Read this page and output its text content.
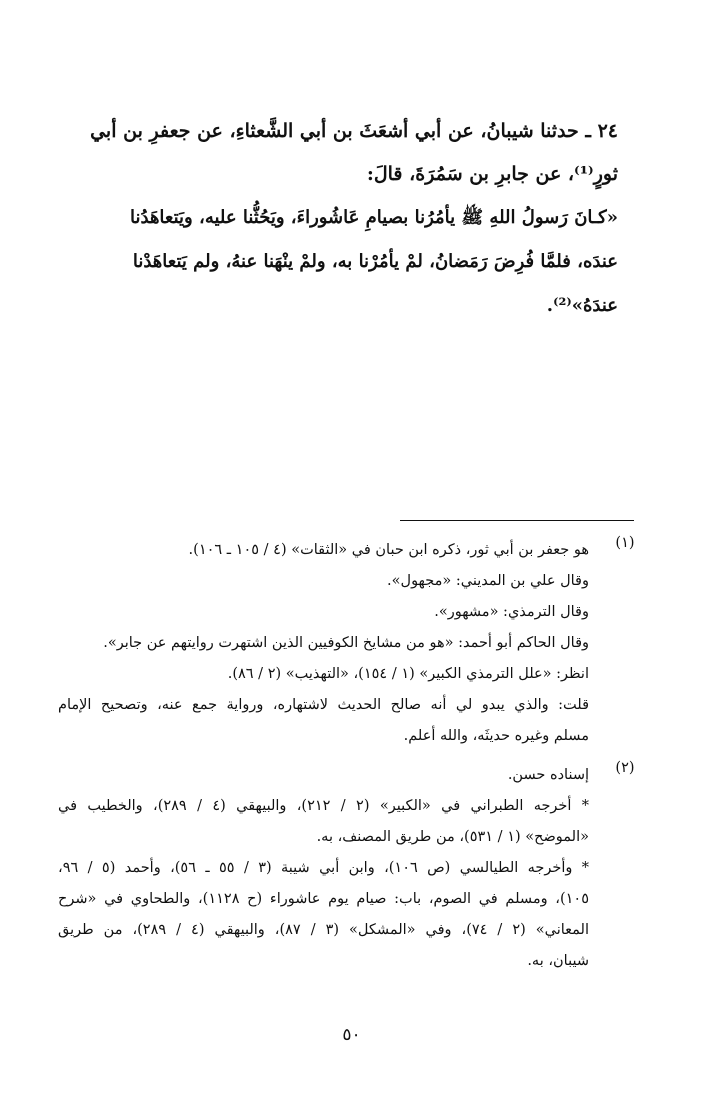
٢٤ ـ حدثنا شيبانُ، عن أبي أشعَثَ بن أبي الشَّعثاءِ، عن جعفرِ بن أبي

ثورٍ⁽¹⁾، عن جابرِ بن سَمُرَةَ، قالَ:

«كـانَ رَسولُ اللهِ ﷺ يأمُرُنا بصيامِ عَاشُوراءَ، ويَحُثُّنا عليه، ويَتعاهَدُنا

عندَه، فلمَّا فُرِضَ رَمَضانُ، لمْ يأمُرْنا به، ولمْ ينْهَنا عنهُ، ولم يَتعاهَدْنا

عندَهُ»⁽²⁾.

(١)
هو جعفر بن أبي ثور، ذكره ابن حبان في «الثقات» (٤ / ١٠٥ ـ ١٠٦).
وقال علي بن المديني: «مجهول».
وقال الترمذي: «مشهور».
وقال الحاكم أبو أحمد: «هو من مشايخ الكوفيين الذين اشتهرت روايتهم عن جابر».
انظر: «علل الترمذي الكبير» (١ / ١٥٤)، «التهذيب» (٢ / ٨٦).
قلت: والذي يبدو لي أنه صالح الحديث لاشتهاره، ورواية جمع عنه، وتصحيح الإمام
مسلم وغيره حديثَه، والله أعلم.
(٢)
إسناده حسن.
* أخرجه الطبراني في «الكبير» (٢ / ٢١٢)، والبيهقي (٤ / ٢٨٩)، والخطيب في
«الموضح» (١ / ٥٣١)، من طريق المصنف، به.
* وأخرجه الطيالسي (ص ١٠٦)، وابن أبي شيبة (٣ / ٥٥ ـ ٥٦)، وأحمد (٥ / ٩٦،
١٠٥)، ومسلم في الصوم، باب: صيام يوم عاشوراء (ح ١١٢٨)، والطحاوي في «شرح
المعاني» (٢ / ٧٤)، وفي «المشكل» (٣ / ٨٧)، والبيهقي (٤ / ٢٨٩)، من طريق
شيبان، به.
٥٠
